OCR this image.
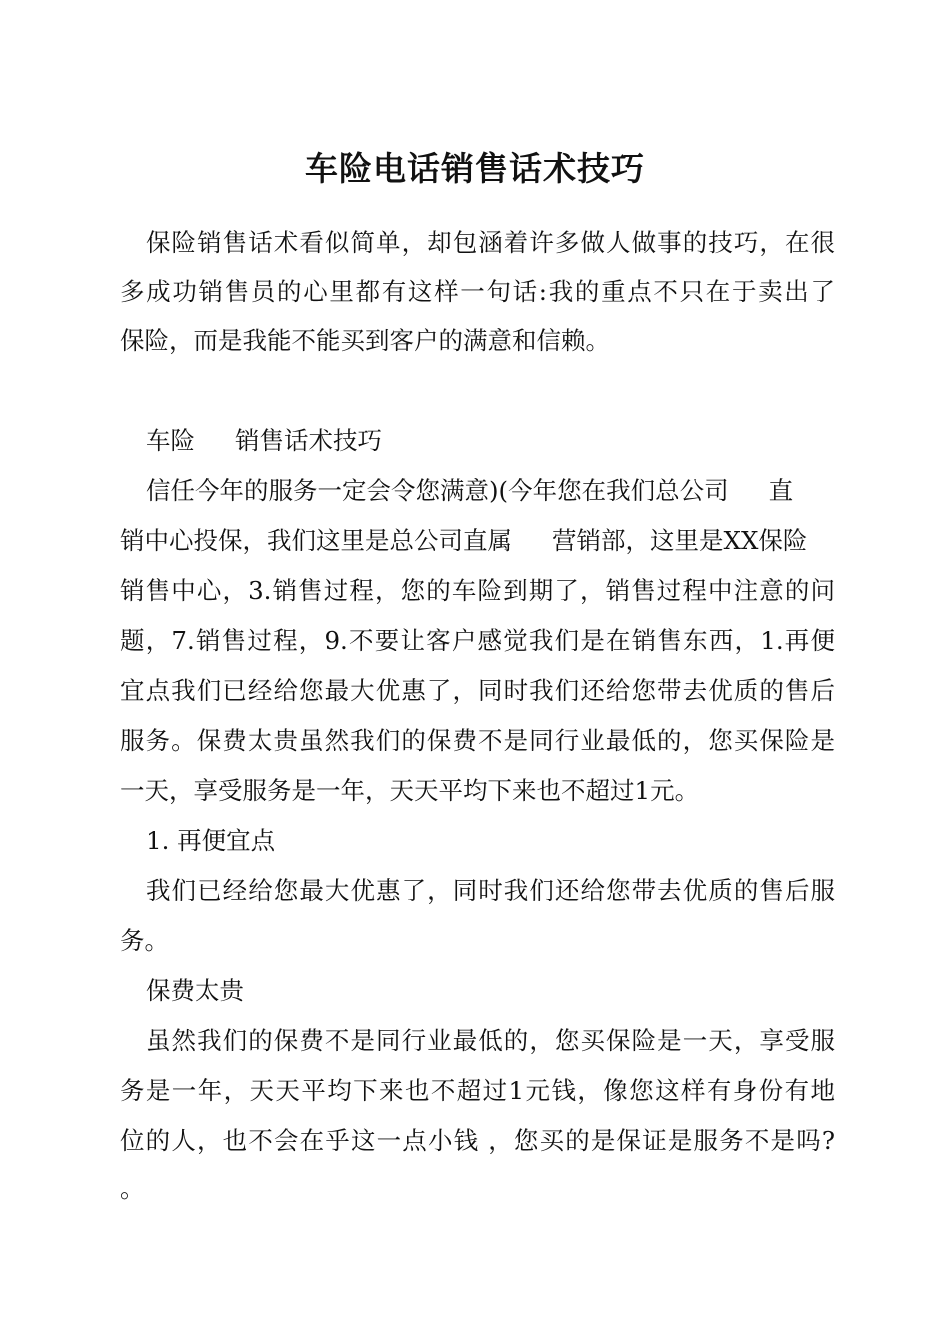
车险电话销售话术技巧
保险销售话术看似简单，却包涵着许多做人做事的技巧，在很
多成功销售员的心里都有这样一句话:我的重点不只在于卖出了
保险，而是我能不能买到客户的满意和信赖。
车险 销售话术技巧
信任今年的服务一定会令您满意)(今年您在我们总公司 直
销中心投保，我们这里是总公司直属 营销部，这里是XX保险
销售中心，3.销售过程，您的车险到期了，销售过程中注意的问
题，7.销售过程，9.不要让客户感觉我们是在销售东西，1.再便
宜点我们已经给您最大优惠了，同时我们还给您带去优质的售后
服务。保费太贵虽然我们的保费不是同行业最低的，您买保险是
一天，享受服务是一年，天天平均下来也不超过1元。
1. 再便宜点
我们已经给您最大优惠了，同时我们还给您带去优质的售后服
务。
保费太贵
虽然我们的保费不是同行业最低的，您买保险是一天，享受服
务是一年，天天平均下来也不超过1元钱，像您这样有身份有地
位的人，也不会在乎这一点小钱 ，您买的是保证是服务不是吗?
。
